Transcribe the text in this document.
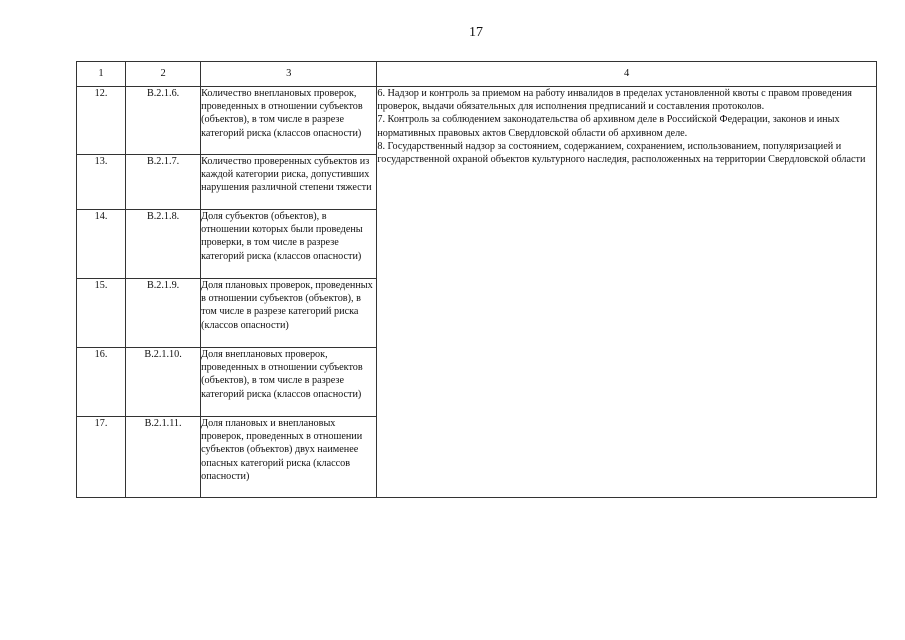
17
1	2	3	4
12.	В.2.1.6.	Количество внеплановых проверок, проведенных в отношении субъектов (объектов), в том числе в разрезе категорий риска (классов опасности)	6. Надзор и контроль за приемом на работу инвалидов в пределах установленной квоты с правом проведения проверок, выдачи обязательных для исполнения предписаний и составления протоколов.

7. Контроль за соблюдением законодательства об архивном деле в Российской Федерации, законов и иных нормативных правовых актов Свердловской области об архивном деле.

8. Государственный надзор за состоянием, содержанием, сохранением, использованием, популяризацией и государственной охраной объектов культурного наследия, расположенных на территории Свердловской области

13.	В.2.1.7.	Количество проверенных субъектов из каждой категории риска, допустивших нарушения различной степени тяжести	
14.	В.2.1.8.	Доля субъектов (объектов), в отношении которых были проведены проверки, в том числе в разрезе категорий риска (классов опасности)	
15.	В.2.1.9.	Доля плановых проверок, проведенных в отношении субъектов (объектов), в том числе в разрезе категорий риска (классов опасности)	
16.	В.2.1.10.	Доля внеплановых проверок, проведенных в отношении субъектов (объектов), в том числе в разрезе категорий риска (классов опасности)	
17.	В.2.1.11.	Доля плановых и внеплановых проверок, проведенных в отношении субъектов (объектов) двух наименее опасных категорий риска (классов опасности)	
